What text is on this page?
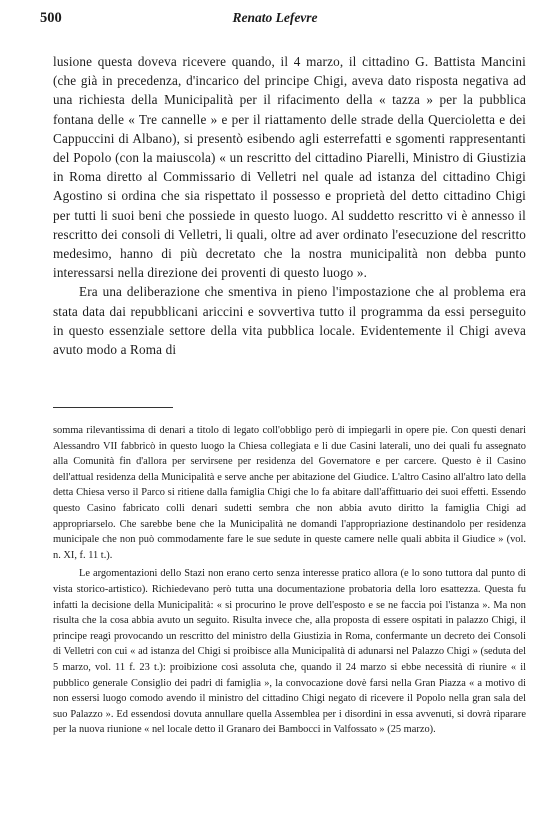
500	Renato Lefevre

lusione questa doveva ricevere quando, il 4 marzo, il cittadino G. Battista Mancini (che già in precedenza, d'incarico del principe Chigi, aveva dato risposta negativa ad una richiesta della Municipalità per il rifacimento della « tazza » per la pubblica fontana delle « Tre cannelle » e per il riattamento delle strade della Quercioletta e dei Cappuccini di Albano), si presentò esibendo agli esterrefatti e sgomenti rappresentanti del Popolo (con la maiuscola) « un rescritto del cittadino Piarelli, Ministro di Giustizia in Roma diretto al Commissario di Velletri nel quale ad istanza del cittadino Chigi Agostino si ordina che sia rispettato il possesso e proprietà del detto cittadino Chigi per tutti li suoi beni che possiede in questo luogo. Al suddetto rescritto vi è annesso il rescritto dei consoli di Velletri, li quali, oltre ad aver ordinato l'esecuzione del rescritto medesimo, hanno di più decretato che la nostra municipalità non debba punto interessarsi nella direzione dei proventi di questo luogo ».

Era una deliberazione che smentiva in pieno l'impostazione che al problema era stata data dai repubblicani ariccini e sovvertiva tutto il programma da essi perseguito in questo essenziale settore della vita pubblica locale. Evidentemente il Chigi aveva avuto modo a Roma di

somma rilevantissima di denari a titolo di legato coll'obbligo però di impiegarli in opere pie. Con questi denari Alessandro VII fabbricò in questo luogo la Chiesa collegiata e li due Casini laterali, uno dei quali fu assegnato alla Comunità fin d'allora per servirsene per residenza del Governatore e per carcere. Questo è il Casino dell'attual residenza della Municipalità e serve anche per abitazione del Giudice. L'altro Casino all'altro lato della detta Chiesa verso il Parco si ritiene dalla famiglia Chigi che lo fa abitare dall'affittuario dei suoi effetti. Essendo questo Casino fabricato colli denari sudetti sembra che non abbia avuto diritto la famiglia Chigi ad appropriarselo. Che sarebbe bene che la Municipalità ne domandi l'appropriazione destinandolo per residenza municipale che non può commodamente fare le sue sedute in queste camere nelle quali abbita il Giudice » (vol. n. XI, f. 11 t.).

Le argomentazioni dello Stazi non erano certo senza interesse pratico allora (e lo sono tuttora dal punto di vista storico-artistico). Richiedevano però tutta una documentazione probatoria della loro esattezza. Questa fu infatti la decisione della Municipalità: « si procurino le prove dell'esposto e se ne faccia poi l'istanza ». Ma non risulta che la cosa abbia avuto un seguito. Risulta invece che, alla proposta di essere ospitati in palazzo Chigi, il principe reagì provocando un rescritto del ministro della Giustizia in Roma, confermante un decreto dei Consoli di Velletri con cui « ad istanza del Chigi si proibisce alla Municipalità di adunarsi nel Palazzo Chigi » (seduta del 5 marzo, vol. 11 f. 23 t.): proibizione così assoluta che, quando il 24 marzo si ebbe necessità di riunire « il pubblico generale Consiglio dei padri di famiglia », la convocazione dovè farsi nella Gran Piazza « a motivo di non essersi luogo comodo avendo il ministro del cittadino Chigi negato di ricevere il Popolo nella gran sala del suo Palazzo ». Ed essendosi dovuta annullare quella Assemblea per i disordini in essa avvenuti, si dovrà riparare per la nuova riunione « nel locale detto il Granaro dei Bambocci in Valfossato » (25 marzo).
